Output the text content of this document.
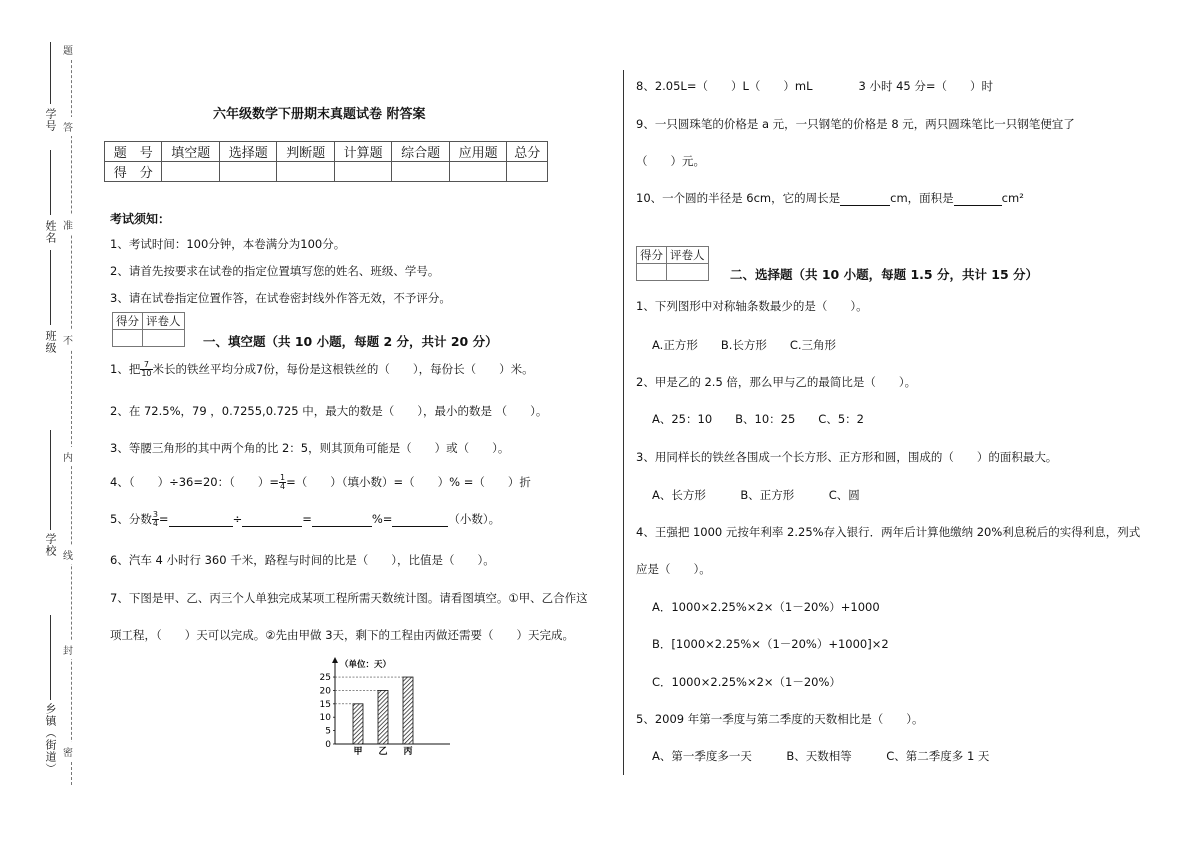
题
答
准
不
内
线
封
密
学号
姓名
班级
学校
乡镇（街道）
六年级数学下册期末真题试卷 附答案
题　号	填空题	选择题	判断题	计算题	综合题	应用题	总分
得　分							
考试须知：
1、考试时间：100分钟，本卷满分为100分。
2、请首先按要求在试卷的指定位置填写您的姓名、班级、学号。
3、请在试卷指定位置作答，在试卷密封线外作答无效，不予评分。
得分	评卷人

一、填空题（共 10 小题，每题 2 分，共计 20 分）
1、把 $\frac{7}{10}$ 米长的铁丝平均分成7份，每份是这根铁丝的（　　），每份长（　　）米。
2、在 72.5%，79 ，0.7255,0.725 中，最大的数是（　　），最小的数是 （　　）。
3、等腰三角形的其中两个角的比 2：5，则其顶角可能是（　　）或（　　）。
4、（　　）÷36=20：（　　）= $\frac{1}{4}$ =（　　）（填小数）=（　　）% =（　　）折
5、分数 $\frac{3}{4}$ =	÷	=	%=	（小数）。
6、汽车 4 小时行 360 千米，路程与时间的比是（　　），比值是（　　）。
7、下图是甲、乙、丙三个人单独完成某项工程所需天数统计图。请看图填空。①甲、乙合作这
项工程，（　　）天可以完成。②先由甲做 3天，剩下的工程由丙做还需要（　　）天完成。
（单位：天）
0
5
10
15
20
25
甲 乙 丙
8、2.05L=（　　）L（　　）mL　　　　3 小时 45 分=（　　）时
9、一只圆珠笔的价格是 a 元，一只钢笔的价格是 8 元，两只圆珠笔比一只钢笔便宜了
（　　）元。
10、一个圆的半径是 6cm，它的周长是	cm，面积是	cm²
得分	评卷人

二、选择题（共 10 小题，每题 1.5 分，共计 15 分）
1、下列图形中对称轴条数最少的是（　　）。
A.正方形　　B.长方形　　C.三角形
2、甲是乙的 2.5 倍，那么甲与乙的最简比是（　　）。
A、25：10　　B、10：25　　C、5：2
3、用同样长的铁丝各围成一个长方形、正方形和圆，围成的（　　）的面积最大。
A、长方形　　　B、正方形　　　C、圆
4、王强把 1000 元按年利率 2.25%存入银行．两年后计算他缴纳 20%利息税后的实得利息，列式
应是（　　）。
A．1000×2.25%×2×（1－20%）+1000
B．[1000×2.25%×（1－20%）+1000]×2
C．1000×2.25%×2×（1－20%）
5、2009 年第一季度与第二季度的天数相比是（　　）。
A、第一季度多一天　　　B、天数相等　　　C、第二季度多 1 天
